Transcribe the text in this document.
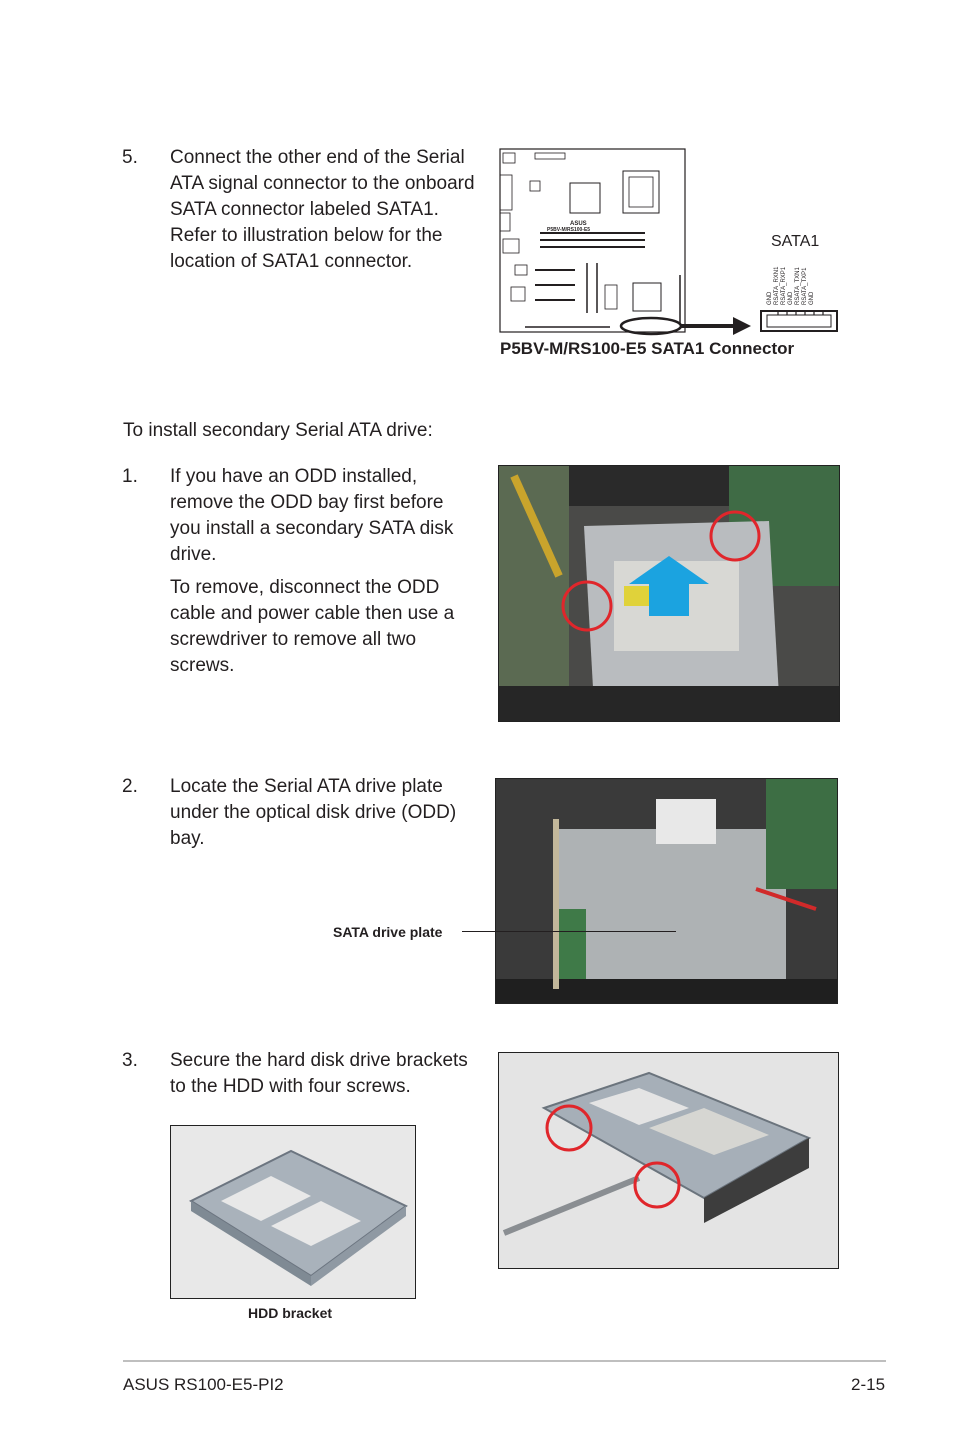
5. Connect the other end of the Serial ATA signal connector to the onboard SATA connector labeled SATA1. Refer to illustration below for the location of SATA1 connector.
ASUS
P5BV-M/RS100-E5
SATA1
GND RSATA_RXN1 RSATA_RXP1 GND RSATA_TXN1 RSATA_TXP1 GND
P5BV-M/RS100-E5 SATA1 Connector
To install secondary Serial ATA drive:
1. If you have an ODD installed, remove the ODD bay first before you install a secondary SATA disk drive.
To remove, disconnect the ODD cable and power cable then use a screwdriver to remove all two screws.
2. Locate the Serial ATA drive plate under the optical disk drive (ODD) bay.
SATA drive plate
3. Secure the hard disk drive brackets to the HDD with four screws.
HDD bracket
ASUS RS100-E5-PI2	2-15
